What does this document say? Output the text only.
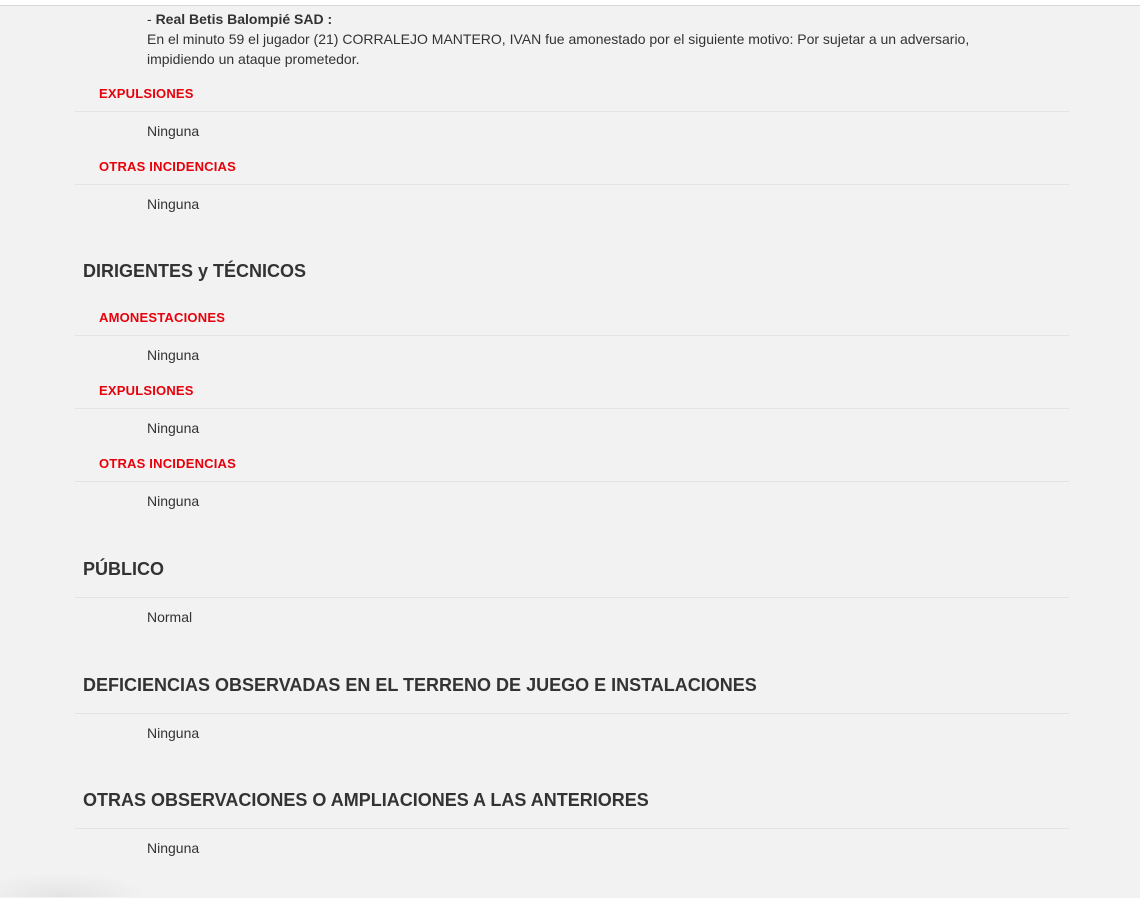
- Real Betis Balompié SAD :
En el minuto 59 el jugador (21) CORRALEJO MANTERO, IVAN fue amonestado por el siguiente motivo: Por sujetar a un adversario, impidiendo un ataque prometedor.
EXPULSIONES
Ninguna
OTRAS INCIDENCIAS
Ninguna
DIRIGENTES y TÉCNICOS
AMONESTACIONES
Ninguna
EXPULSIONES
Ninguna
OTRAS INCIDENCIAS
Ninguna
PÚBLICO
Normal
DEFICIENCIAS OBSERVADAS EN EL TERRENO DE JUEGO E INSTALACIONES
Ninguna
OTRAS OBSERVACIONES O AMPLIACIONES A LAS ANTERIORES
Ninguna
